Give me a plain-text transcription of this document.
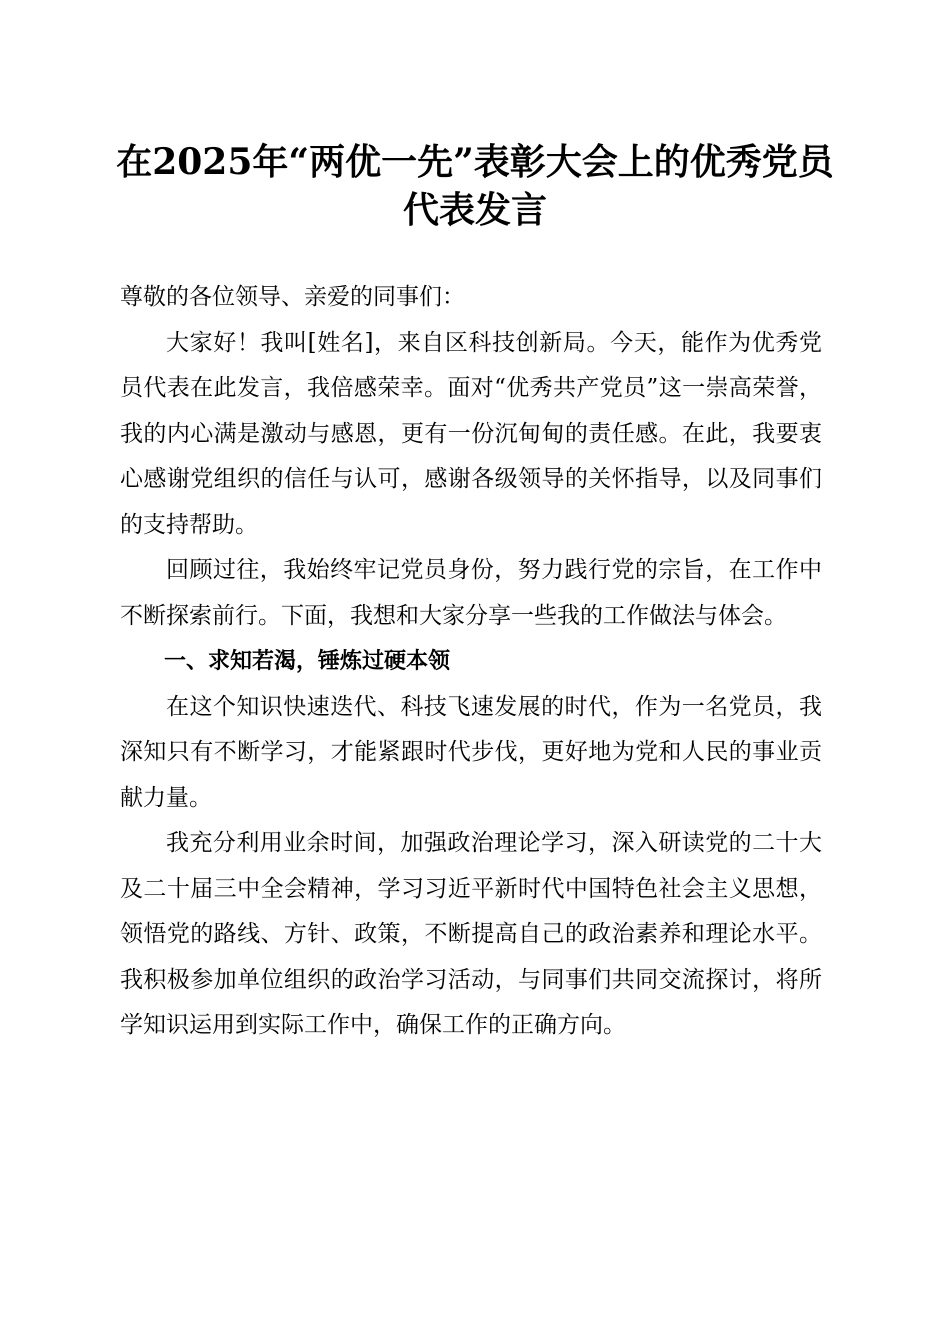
在2025年“两优一先”表彰大会上的优秀党员代表发言

尊敬的各位领导、亲爱的同事们：

大家好！我叫[姓名]，来自区科技创新局。今天，能作为优秀党员代表在此发言，我倍感荣幸。面对“优秀共产党员”这一崇高荣誉，我的内心满是激动与感恩，更有一份沉甸甸的责任感。在此，我要衷心感谢党组织的信任与认可，感谢各级领导的关怀指导，以及同事们的支持帮助。

回顾过往，我始终牢记党员身份，努力践行党的宗旨，在工作中不断探索前行。下面，我想和大家分享一些我的工作做法与体会。

一、求知若渴，锤炼过硬本领

在这个知识快速迭代、科技飞速发展的时代，作为一名党员，我深知只有不断学习，才能紧跟时代步伐，更好地为党和人民的事业贡献力量。

我充分利用业余时间，加强政治理论学习，深入研读党的二十大及二十届三中全会精神，学习习近平新时代中国特色社会主义思想，领悟党的路线、方针、政策，不断提高自己的政治素养和理论水平。我积极参加单位组织的政治学习活动，与同事们共同交流探讨，将所学知识运用到实际工作中，确保工作的正确方向。
